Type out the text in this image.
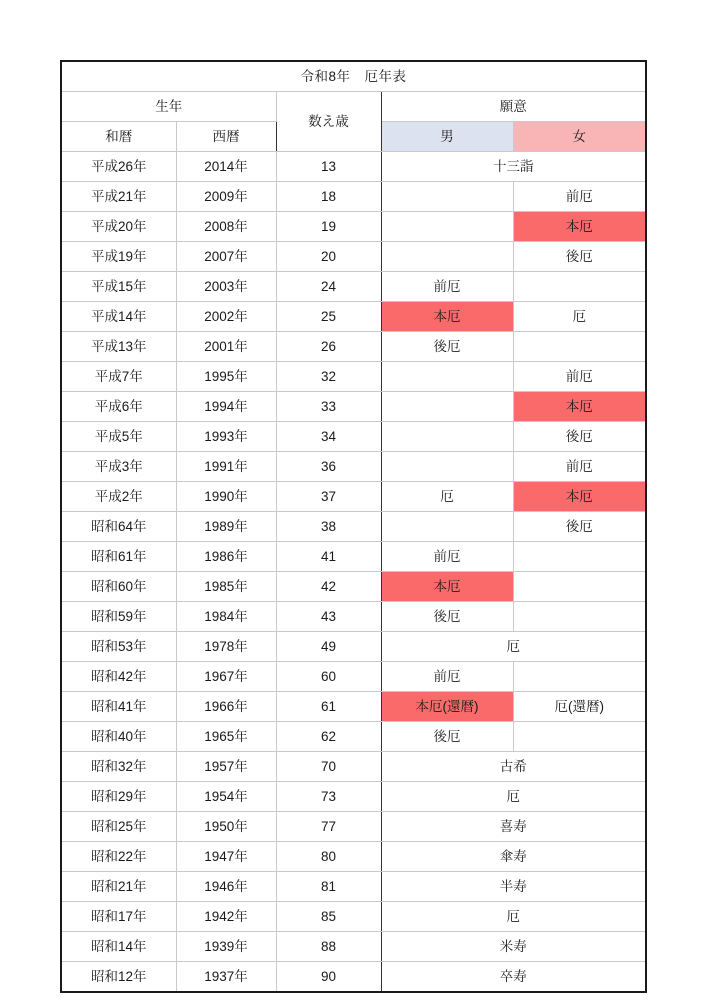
令和8年　厄年表				
生年		数え歳	願意	
和暦	西暦		男	女
平成26年	2014年	13	十三詣	
平成21年	2009年	18		前厄
平成20年	2008年	19		本厄
平成19年	2007年	20		後厄
平成15年	2003年	24	前厄	
平成14年	2002年	25	本厄	厄
平成13年	2001年	26	後厄	
平成7年	1995年	32		前厄
平成6年	1994年	33		本厄
平成5年	1993年	34		後厄
平成3年	1991年	36		前厄
平成2年	1990年	37	厄	本厄
昭和64年	1989年	38		後厄
昭和61年	1986年	41	前厄	
昭和60年	1985年	42	本厄	
昭和59年	1984年	43	後厄	
昭和53年	1978年	49	厄	
昭和42年	1967年	60	前厄	
昭和41年	1966年	61	本厄(還暦)	厄(還暦)
昭和40年	1965年	62	後厄	
昭和32年	1957年	70	古希	
昭和29年	1954年	73	厄	
昭和25年	1950年	77	喜寿	
昭和22年	1947年	80	傘寿	
昭和21年	1946年	81	半寿	
昭和17年	1942年	85	厄	
昭和14年	1939年	88	米寿	
昭和12年	1937年	90	卒寿	
